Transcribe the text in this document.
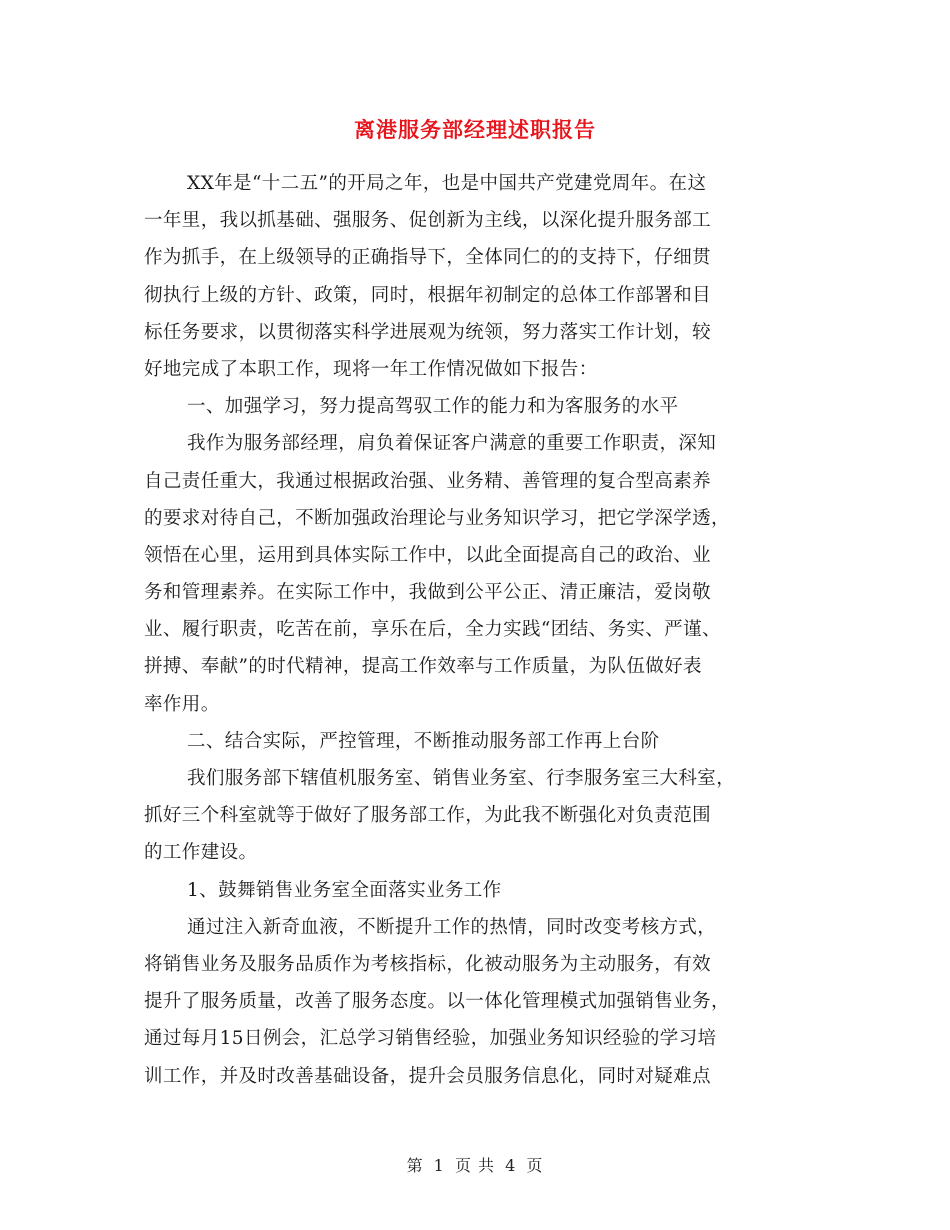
离港服务部经理述职报告
XX年是“十二五”的开局之年，也是中国共产党建党周年。在这
一年里，我以抓基础、强服务、促创新为主线，以深化提升服务部工
作为抓手，在上级领导的正确指导下，全体同仁的的支持下，仔细贯
彻执行上级的方针、政策，同时，根据年初制定的总体工作部署和目
标任务要求，以贯彻落实科学进展观为统领，努力落实工作计划，较
好地完成了本职工作，现将一年工作情况做如下报告：
一、加强学习，努力提高驾驭工作的能力和为客服务的水平
我作为服务部经理，肩负着保证客户满意的重要工作职责，深知
自己责任重大，我通过根据政治强、业务精、善管理的复合型高素养
的要求对待自己，不断加强政治理论与业务知识学习，把它学深学透，
领悟在心里，运用到具体实际工作中，以此全面提高自己的政治、业
务和管理素养。在实际工作中，我做到公平公正、清正廉洁，爱岗敬
业、履行职责，吃苦在前，享乐在后，全力实践“团结、务实、严谨、
拼搏、奉献”的时代精神，提高工作效率与工作质量，为队伍做好表
率作用。
二、结合实际，严控管理，不断推动服务部工作再上台阶
我们服务部下辖值机服务室、销售业务室、行李服务室三大科室，
抓好三个科室就等于做好了服务部工作，为此我不断强化对负责范围
的工作建设。
1、鼓舞销售业务室全面落实业务工作
通过注入新奇血液，不断提升工作的热情，同时改变考核方式，
将销售业务及服务品质作为考核指标，化被动服务为主动服务，有效
提升了服务质量，改善了服务态度。以一体化管理模式加强销售业务，
通过每月15日例会，汇总学习销售经验，加强业务知识经验的学习培
训工作，并及时改善基础设备，提升会员服务信息化，同时对疑难点
第 1 页 共 4 页
